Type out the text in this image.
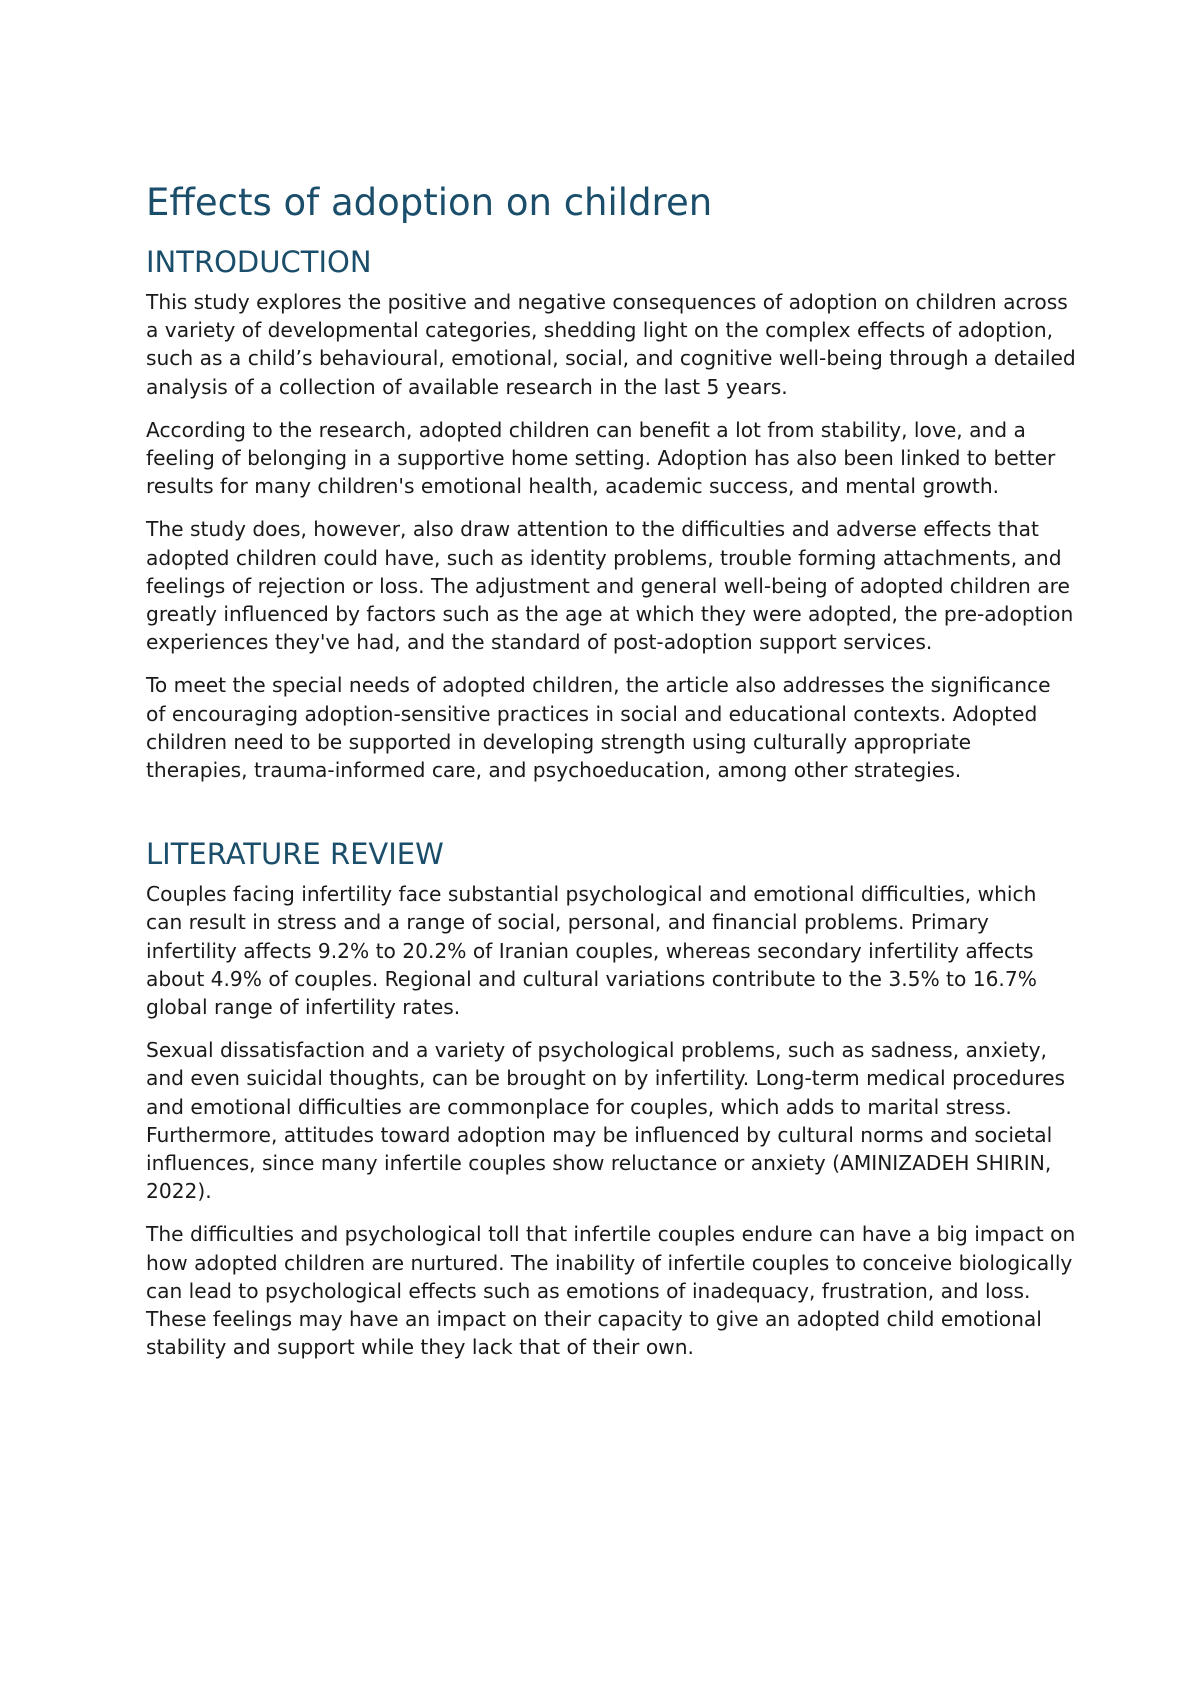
Effects of adoption on children
INTRODUCTION

This study explores the positive and negative consequences of adoption on children across a variety of developmental categories, shedding light on the complex effects of adoption, such as a child’s behavioural, emotional, social, and cognitive well-being through a detailed analysis of a collection of available research in the last 5 years.

According to the research, adopted children can benefit a lot from stability, love, and a feeling of belonging in a supportive home setting. Adoption has also been linked to better results for many children's emotional health, academic success, and mental growth.

The study does, however, also draw attention to the difficulties and adverse effects that adopted children could have, such as identity problems, trouble forming attachments, and feelings of rejection or loss. The adjustment and general well-being of adopted children are greatly influenced by factors such as the age at which they were adopted, the pre-adoption experiences they've had, and the standard of post-adoption support services.

To meet the special needs of adopted children, the article also addresses the significance of encouraging adoption-sensitive practices in social and educational contexts. Adopted children need to be supported in developing strength using culturally appropriate therapies, trauma-informed care, and psychoeducation, among other strategies.

LITERATURE REVIEW

Couples facing infertility face substantial psychological and emotional difficulties, which can result in stress and a range of social, personal, and financial problems. Primary infertility affects 9.2% to 20.2% of Iranian couples, whereas secondary infertility affects about 4.9% of couples. Regional and cultural variations contribute to the 3.5% to 16.7% global range of infertility rates.

Sexual dissatisfaction and a variety of psychological problems, such as sadness, anxiety, and even suicidal thoughts, can be brought on by infertility. Long-term medical procedures and emotional difficulties are commonplace for couples, which adds to marital stress. Furthermore, attitudes toward adoption may be influenced by cultural norms and societal influences, since many infertile couples show reluctance or anxiety (AMINIZADEH SHIRIN, 2022).

The difficulties and psychological toll that infertile couples endure can have a big impact on how adopted children are nurtured. The inability of infertile couples to conceive biologically can lead to psychological effects such as emotions of inadequacy, frustration, and loss. These feelings may have an impact on their capacity to give an adopted child emotional stability and support while they lack that of their own.
